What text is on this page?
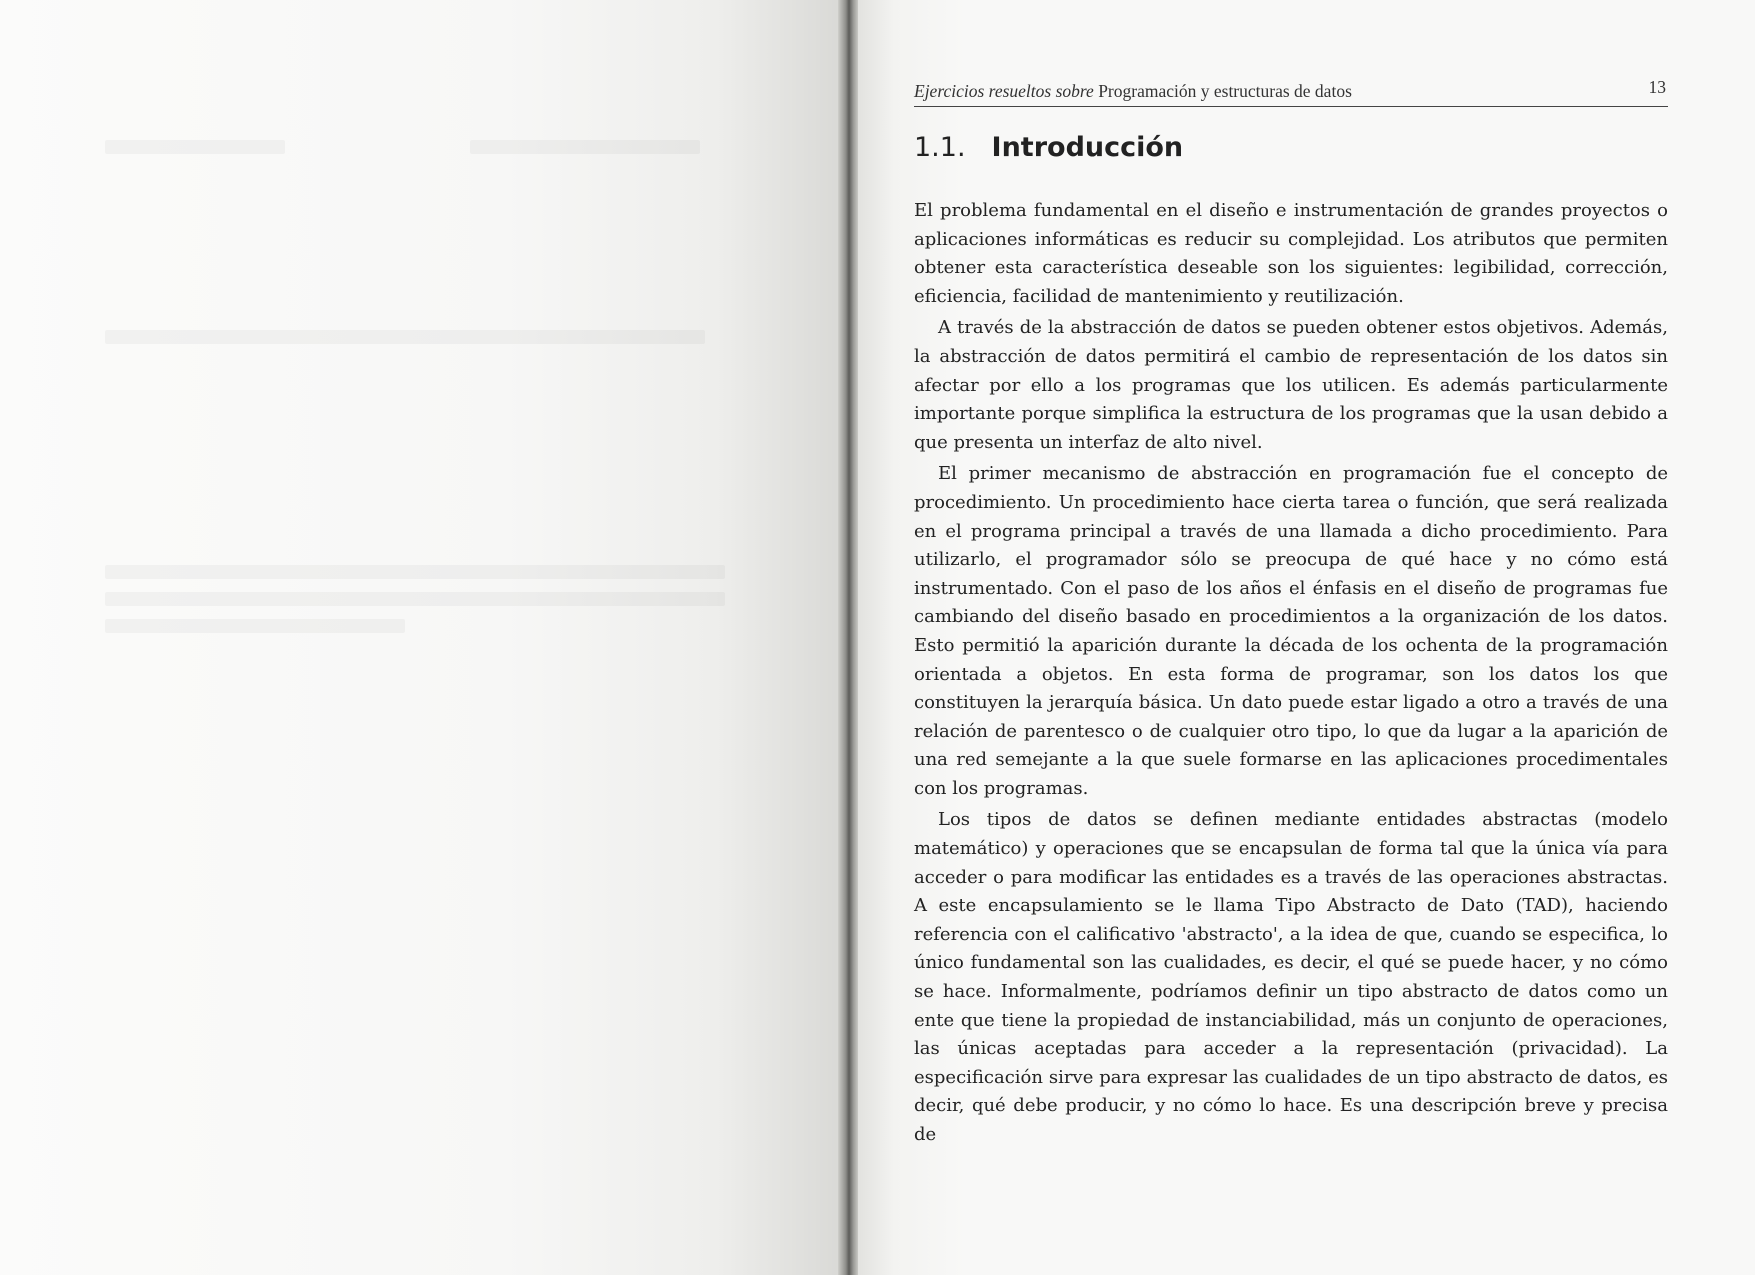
Ejercicios resueltos sobre Programación y estructuras de datos	13
1.1. Introducción

El problema fundamental en el diseño e instrumentación de grandes proyectos o aplicaciones informáticas es reducir su complejidad. Los atributos que permiten obtener esta característica deseable son los siguientes: legibilidad, corrección, eficiencia, facilidad de mantenimiento y reutilización.

A través de la abstracción de datos se pueden obtener estos objetivos. Además, la abstracción de datos permitirá el cambio de representación de los datos sin afectar por ello a los programas que los utilicen. Es además particularmente importante porque simplifica la estructura de los programas que la usan debido a que presenta un interfaz de alto nivel.

El primer mecanismo de abstracción en programación fue el concepto de procedimiento. Un procedimiento hace cierta tarea o función, que será realizada en el programa principal a través de una llamada a dicho procedimiento. Para utilizarlo, el programador sólo se preocupa de qué hace y no cómo está instrumentado. Con el paso de los años el énfasis en el diseño de programas fue cambiando del diseño basado en procedimientos a la organización de los datos. Esto permitió la aparición durante la década de los ochenta de la programación orientada a objetos. En esta forma de programar, son los datos los que constituyen la jerarquía básica. Un dato puede estar ligado a otro a través de una relación de parentesco o de cualquier otro tipo, lo que da lugar a la aparición de una red semejante a la que suele formarse en las aplicaciones procedimentales con los programas.

Los tipos de datos se definen mediante entidades abstractas (modelo matemático) y operaciones que se encapsulan de forma tal que la única vía para acceder o para modificar las entidades es a través de las operaciones abstractas. A este encapsulamiento se le llama Tipo Abstracto de Dato (TAD), haciendo referencia con el calificativo 'abstracto', a la idea de que, cuando se especifica, lo único fundamental son las cualidades, es decir, el qué se puede hacer, y no cómo se hace. Informalmente, podríamos definir un tipo abstracto de datos como un ente que tiene la propiedad de instanciabilidad, más un conjunto de operaciones, las únicas aceptadas para acceder a la representación (privacidad). La especificación sirve para expresar las cualidades de un tipo abstracto de datos, es decir, qué debe producir, y no cómo lo hace. Es una descripción breve y precisa de
